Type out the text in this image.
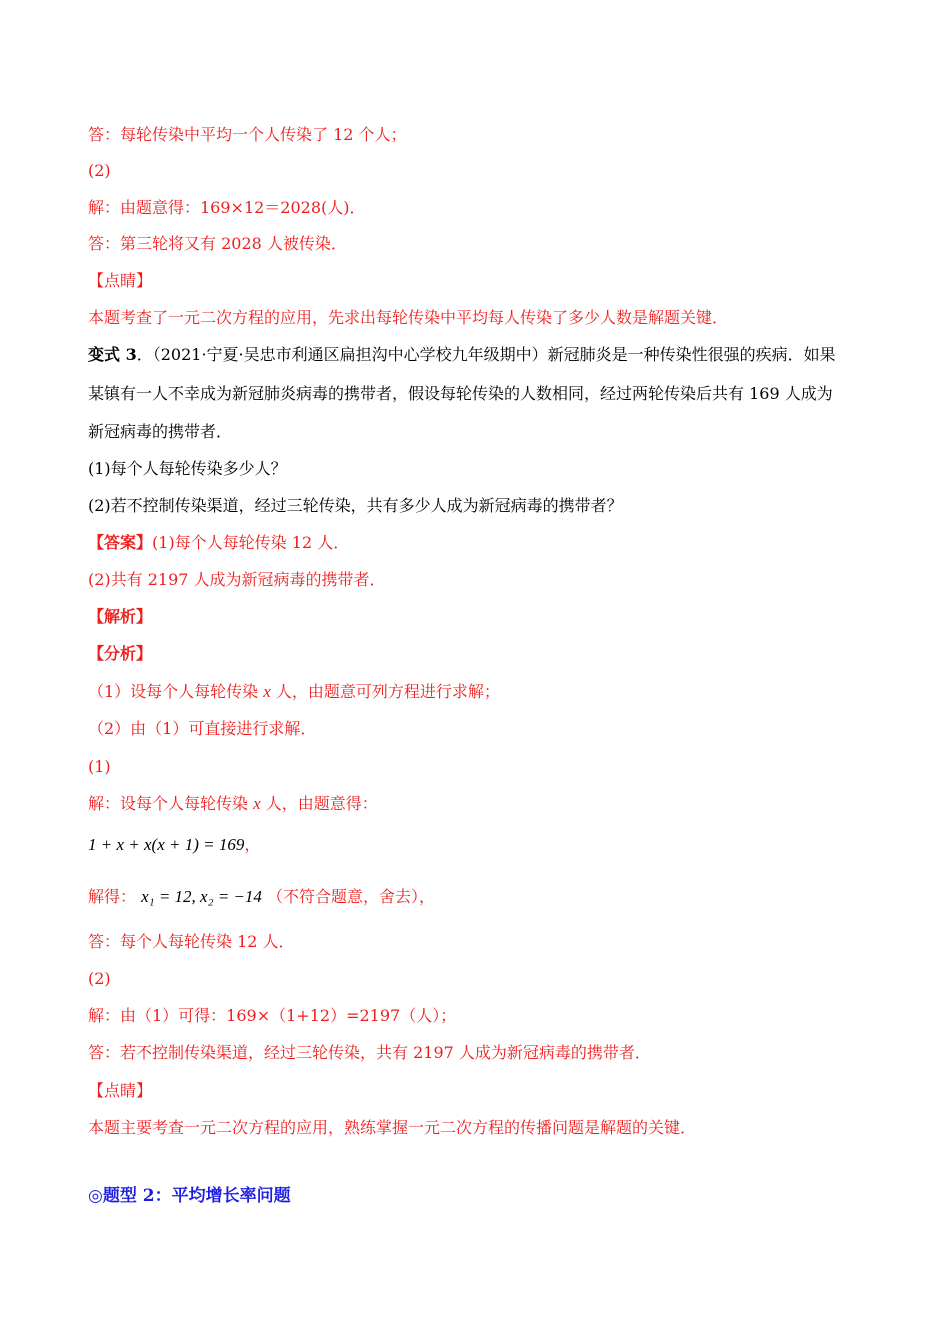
答：每轮传染中平均一个人传染了 12 个人；
(2)
解：由题意得：169×12＝2028(人)．
答：第三轮将又有 2028 人被传染．
【点睛】
本题考查了一元二次方程的应用，先求出每轮传染中平均每人传染了多少人数是解题关键．
变式 3．（2021·宁夏·吴忠市利通区扁担沟中心学校九年级期中）新冠肺炎是一种传染性很强的疾病．如果
某镇有一人不幸成为新冠肺炎病毒的携带者，假设每轮传染的人数相同，经过两轮传染后共有 169 人成为
新冠病毒的携带者．
(1)每个人每轮传染多少人？
(2)若不控制传染渠道，经过三轮传染，共有多少人成为新冠病毒的携带者？
【答案】(1)每个人每轮传染 12 人．
(2)共有 2197 人成为新冠病毒的携带者．
【解析】
【分析】
（1）设每个人每轮传染 x 人，由题意可列方程进行求解；
（2）由（1）可直接进行求解．
(1)
解：设每个人每轮传染 x 人，由题意得：
1 + x + x(x + 1) = 169，
解得： x₁ = 12, x₂ = −14 （不符合题意，舍去），
答：每个人每轮传染 12 人．
(2)
解：由（1）可得：169×（1+12）=2197（人）；
答：若不控制传染渠道，经过三轮传染，共有 2197 人成为新冠病毒的携带者．
【点睛】
本题主要考查一元二次方程的应用，熟练掌握一元二次方程的传播问题是解题的关键．
◎题型 2：平均增长率问题
